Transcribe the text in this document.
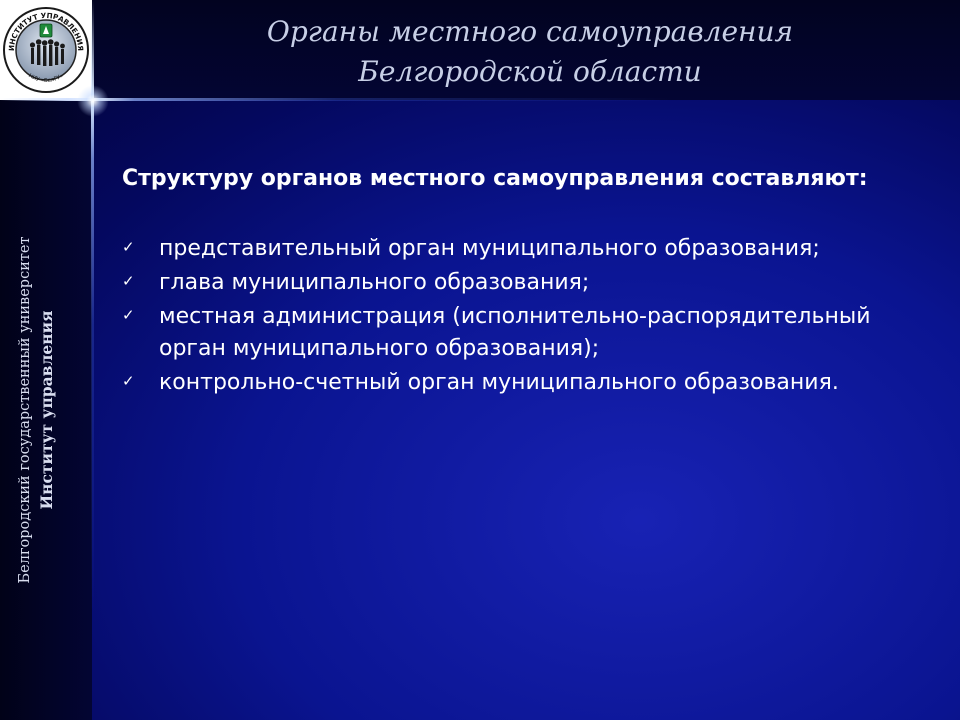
ИНСТИТУТ УПРАВЛЕНИЯ
НИУ «БелГУ»
Органы местного самоуправления
Белгородской области
Белгородский государственный университет Институт управления
Структуру органов местного самоуправления составляют:
✓ представительный орган муниципального образования;
✓ глава муниципального образования;
✓ местная администрация (исполнительно-распорядительный орган муниципального образования);
✓ контрольно-счетный орган муниципального образования.
